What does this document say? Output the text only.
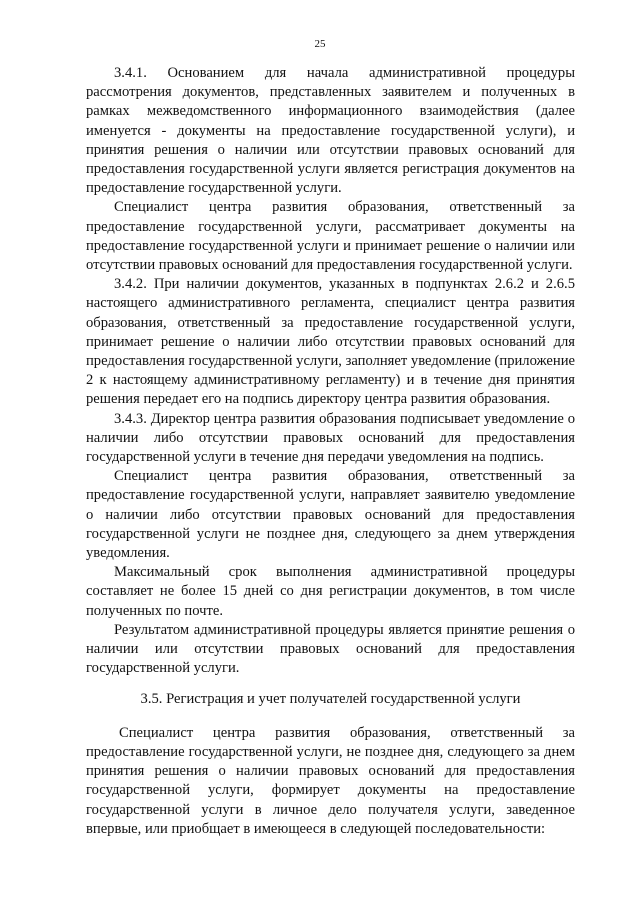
25

3.4.1. Основанием для начала административной процедуры рассмотрения документов, представленных заявителем и полученных в рамках межведомственного информационного взаимодействия (далее именуется - документы на предоставление государственной услуги), и принятия решения о наличии или отсутствии правовых оснований для предоставления государственной услуги является регистрация документов на предоставление государственной услуги.

Специалист центра развития образования, ответственный за предоставление государственной услуги, рассматривает документы на предоставление государственной услуги и принимает решение о наличии или отсутствии правовых оснований для предоставления государственной услуги.

3.4.2. При наличии документов, указанных в подпунктах 2.6.2 и 2.6.5 настоящего административного регламента, специалист центра развития образования, ответственный за предоставление государственной услуги, принимает решение о наличии либо отсутствии правовых оснований для предоставления государственной услуги, заполняет уведомление (приложение 2 к настоящему административному регламенту) и в течение дня принятия решения передает его на подпись директору центра развития образования.

3.4.3. Директор центра развития образования подписывает уведомление о наличии либо отсутствии правовых оснований для предоставления государственной услуги в течение дня передачи уведомления на подпись.

Специалист центра развития образования, ответственный за предоставление государственной услуги, направляет заявителю уведомление о наличии либо отсутствии правовых оснований для предоставления государственной услуги не позднее дня, следующего за днем утверждения уведомления.

Максимальный срок выполнения административной процедуры составляет не более 15 дней со дня регистрации документов, в том числе полученных по почте.

Результатом административной процедуры является принятие решения о наличии или отсутствии правовых оснований для предоставления государственной услуги.

3.5. Регистрация и учет получателей государственной услуги

Специалист центра развития образования, ответственный за предоставление государственной услуги, не позднее дня, следующего за днем принятия решения о наличии правовых оснований для предоставления государственной услуги, формирует документы на предоставление государственной услуги в личное дело получателя услуги, заведенное впервые, или приобщает в имеющееся в следующей последовательности:
